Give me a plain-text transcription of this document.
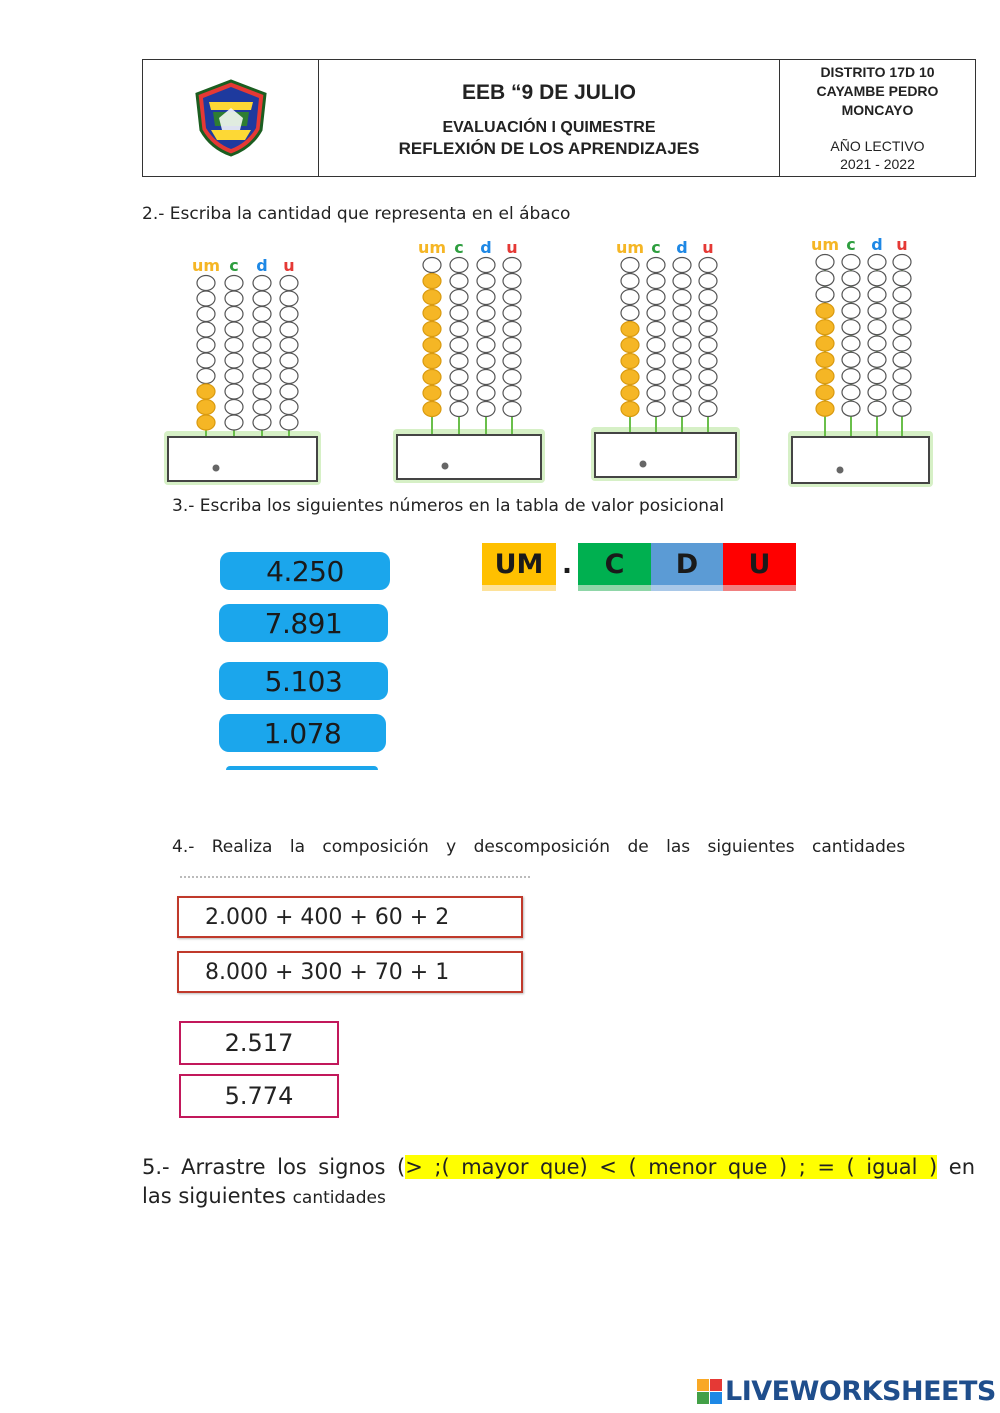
EEB “9 DE JULIO
EVALUACIÓN I QUIMESTRE
REFLEXIÓN DE LOS APRENDIZAJES
DISTRITO 17D 10
CAYAMBE PEDRO
MONCAYO
AÑO LECTIVO
2021 - 2022
2.- Escriba la cantidad que representa en el ábaco
um c d u
um c d u	um c d u	um c d u
3.- Escriba los siguientes números en la tabla de valor posicional
4.250
7.891
5.103
1.078
UM .	C	D	U
4.- Realiza la composición y descomposición de las siguientes cantidades
2.000 + 400 + 60 + 2
8.000 + 300 + 70 + 1
2.517
5.774
5.- Arrastre los signos (> ;( mayor que) < ( menor que ) ; = ( igual ) en
las siguientes cantidades
LIVEWORKSHEETS
